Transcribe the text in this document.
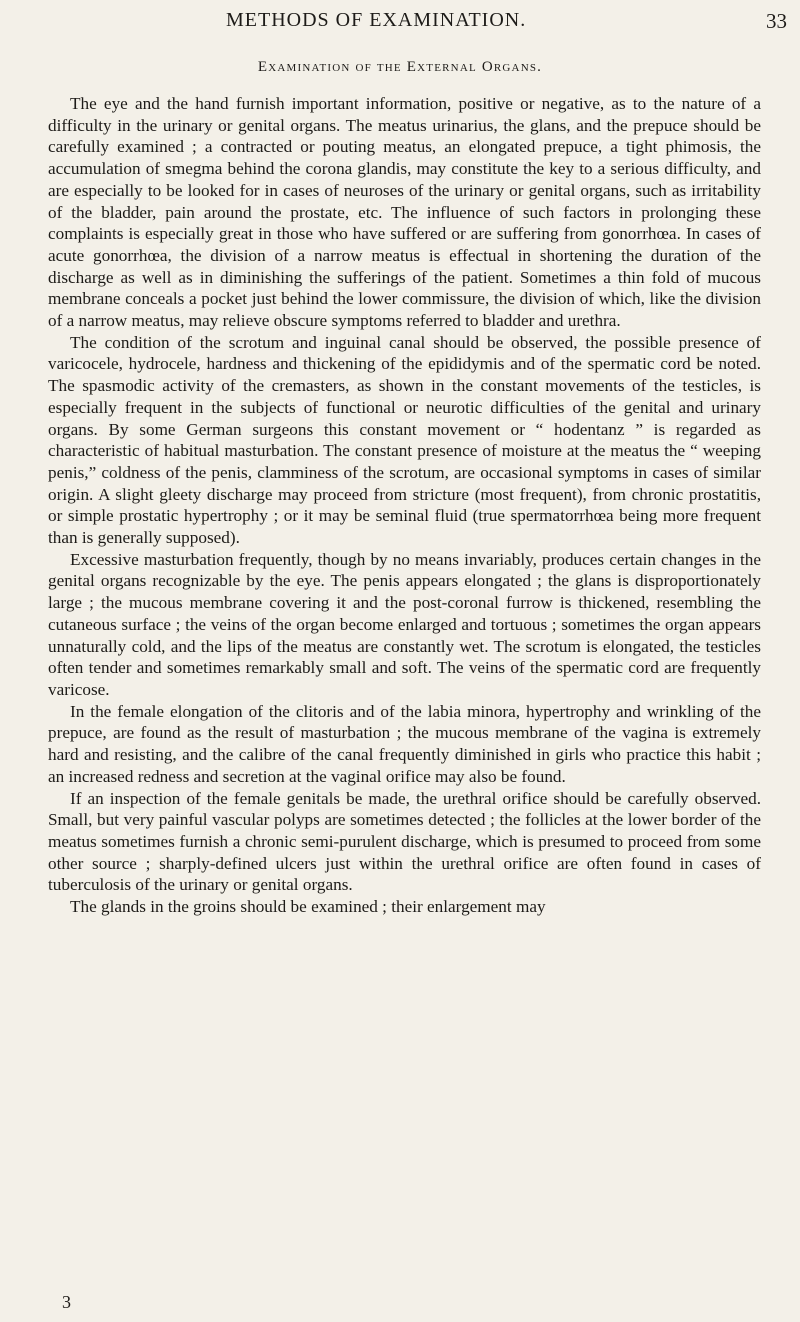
METHODS OF EXAMINATION.	33
Examination of the External Organs.

The eye and the hand furnish important information, positive or negative, as to the nature of a difficulty in the urinary or genital organs. The meatus urinarius, the glans, and the prepuce should be carefully examined ; a contracted or pouting meatus, an elongated prepuce, a tight phimosis, the accumulation of smegma behind the corona glandis, may constitute the key to a serious difficulty, and are especially to be looked for in cases of neuroses of the urinary or genital organs, such as irritability of the bladder, pain around the prostate, etc. The influence of such factors in prolonging these complaints is especially great in those who have suffered or are suffering from gonorrhœa. In cases of acute gonorrhœa, the division of a narrow meatus is effectual in shortening the duration of the discharge as well as in diminishing the sufferings of the patient. Sometimes a thin fold of mucous membrane conceals a pocket just behind the lower commissure, the division of which, like the division of a narrow meatus, may relieve obscure symptoms referred to bladder and urethra.

The condition of the scrotum and inguinal canal should be observed, the possible presence of varicocele, hydrocele, hardness and thickening of the epididymis and of the spermatic cord be noted. The spasmodic activity of the cremasters, as shown in the constant movements of the testicles, is especially frequent in the subjects of functional or neurotic difficulties of the genital and urinary organs. By some German surgeons this constant movement or “ hodentanz ” is regarded as characteristic of habitual masturbation. The constant presence of moisture at the meatus the “ weeping penis,” coldness of the penis, clamminess of the scrotum, are occasional symptoms in cases of similar origin. A slight gleety discharge may proceed from stricture (most frequent), from chronic prostatitis, or simple prostatic hypertrophy ; or it may be seminal fluid (true spermatorrhœa being more frequent than is generally supposed).

Excessive masturbation frequently, though by no means invariably, produces certain changes in the genital organs recognizable by the eye. The penis appears elongated ; the glans is disproportionately large ; the mucous membrane covering it and the post-coronal furrow is thickened, resembling the cutaneous surface ; the veins of the organ become enlarged and tortuous ; sometimes the organ appears unnaturally cold, and the lips of the meatus are constantly wet. The scrotum is elongated, the testicles often tender and sometimes remarkably small and soft. The veins of the spermatic cord are frequently varicose.

In the female elongation of the clitoris and of the labia minora, hypertrophy and wrinkling of the prepuce, are found as the result of masturbation ; the mucous membrane of the vagina is extremely hard and resisting, and the calibre of the canal frequently diminished in girls who practice this habit ; an increased redness and secretion at the vaginal orifice may also be found.

If an inspection of the female genitals be made, the urethral orifice should be carefully observed. Small, but very painful vascular polyps are sometimes detected ; the follicles at the lower border of the meatus sometimes furnish a chronic semi-purulent discharge, which is presumed to proceed from some other source ; sharply-defined ulcers just within the urethral orifice are often found in cases of tuberculosis of the urinary or genital organs.

The glands in the groins should be examined ; their enlargement may

3
